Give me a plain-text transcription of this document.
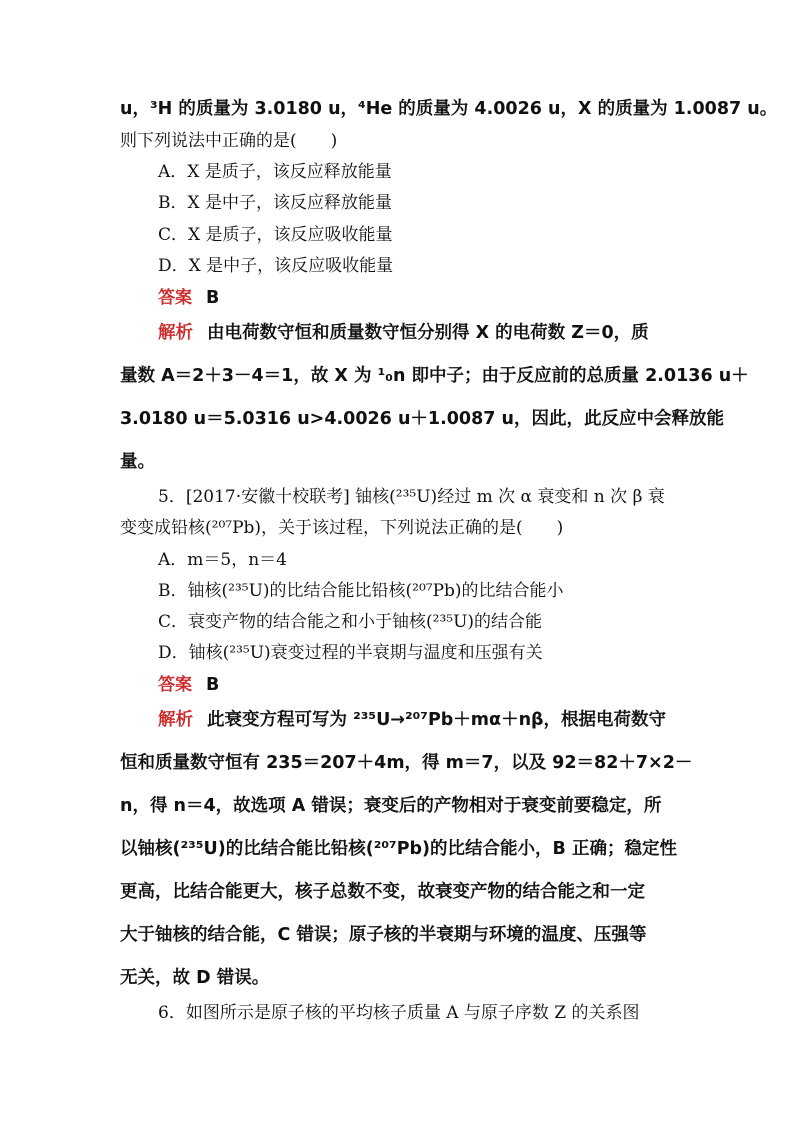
u，³H 的质量为 3.0180 u，⁴He 的质量为 4.0026 u，X 的质量为 1.0087 u。
则下列说法中正确的是(　　)
A．X 是质子，该反应释放能量
B．X 是中子，该反应释放能量
C．X 是质子，该反应吸收能量
D．X 是中子，该反应吸收能量
答案 B
解析 由电荷数守恒和质量数守恒分别得 X 的电荷数 Z＝0，质
量数 A＝2＋3－4＝1，故 X 为 ¹₀n 即中子；由于反应前的总质量 2.0136 u＋
3.0180 u＝5.0316 u>4.0026 u＋1.0087 u，因此，此反应中会释放能
量。
5．[2017·安徽十校联考] 铀核(²³⁵U)经过 m 次 α 衰变和 n 次 β 衰
变变成铅核(²⁰⁷Pb)，关于该过程，下列说法正确的是(　　)
A．m＝5，n＝4
B．铀核(²³⁵U)的比结合能比铅核(²⁰⁷Pb)的比结合能小
C．衰变产物的结合能之和小于铀核(²³⁵U)的结合能
D．铀核(²³⁵U)衰变过程的半衰期与温度和压强有关
答案 B
解析 此衰变方程可写为 ²³⁵U→²⁰⁷Pb＋mα＋nβ，根据电荷数守
恒和质量数守恒有 235＝207＋4m，得 m＝7，以及 92＝82＋7×2－
n，得 n＝4，故选项 A 错误；衰变后的产物相对于衰变前要稳定，所
以铀核(²³⁵U)的比结合能比铅核(²⁰⁷Pb)的比结合能小，B 正确；稳定性
更高，比结合能更大，核子总数不变，故衰变产物的结合能之和一定
大于铀核的结合能，C 错误；原子核的半衰期与环境的温度、压强等
无关，故 D 错误。
6．如图所示是原子核的平均核子质量 A 与原子序数 Z 的关系图
